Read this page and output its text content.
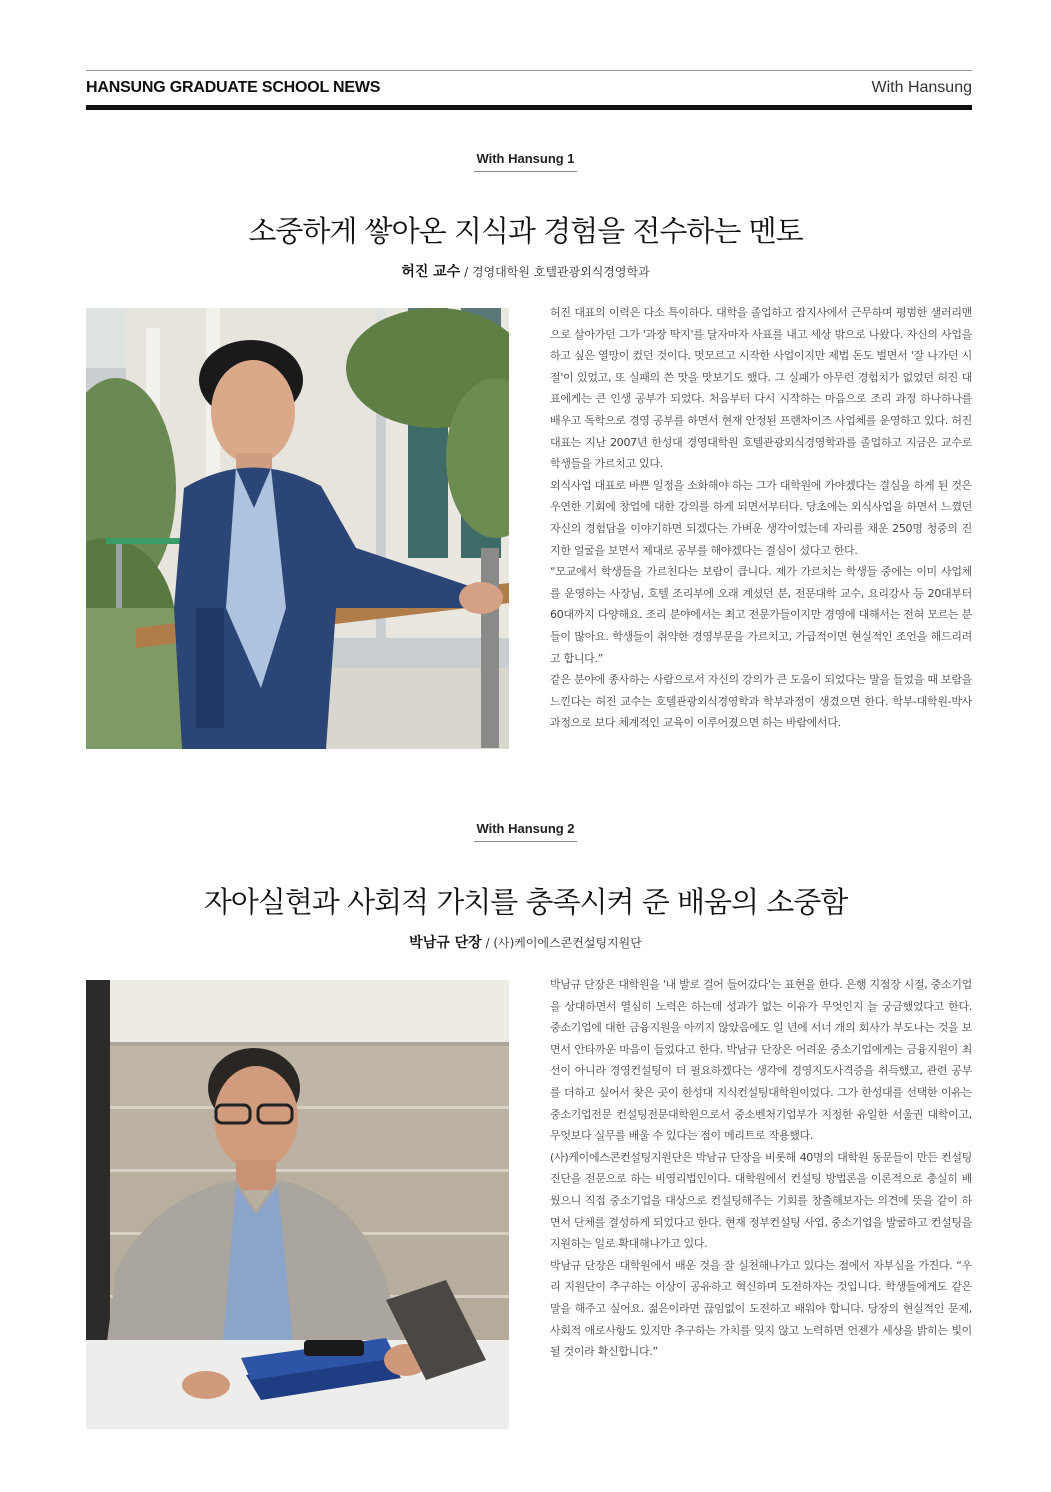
HANSUNG GRADUATE SCHOOL NEWS	With Hansung
With Hansung 1
소중하게 쌓아온 지식과 경험을 전수하는 멘토
허진 교수 / 경영대학원 호텔관광외식경영학과

허진 대표의 이력은 다소 특이하다. 대학을 졸업하고 잡지사에서 근무하며 평범한 샐러리맨으로 살아가던 그가 '과장 딱지'를 달자마자 사표를 내고 세상 밖으로 나왔다. 자신의 사업을 하고 싶은 열망이 컸던 것이다. 멋모르고 시작한 사업이지만 제법 돈도 벌면서 '잘 나가던 시절'이 있었고, 또 실패의 쓴 맛을 맛보기도 했다. 그 실패가 아무런 경험치가 없었던 허진 대표에게는 큰 인생 공부가 되었다. 처음부터 다시 시작하는 마음으로 조리 과정 하나하나를 배우고 독학으로 경영 공부를 하면서 현재 안정된 프랜차이즈 사업체를 운영하고 있다. 허진 대표는 지난 2007년 한성대 경영대학원 호텔관광외식경영학과를 졸업하고 지금은 교수로 학생들을 가르치고 있다.

외식사업 대표로 바쁜 일정을 소화해야 하는 그가 대학원에 가야겠다는 결심을 하게 된 것은 우연한 기회에 창업에 대한 강의를 하게 되면서부터다. 당초에는 외식사업을 하면서 느꼈던 자신의 경험담을 이야기하면 되겠다는 가벼운 생각이었는데 자리를 채운 250명 청중의 진지한 얼굴을 보면서 제대로 공부를 해야겠다는 결심이 섰다고 한다.

“모교에서 학생들을 가르친다는 보람이 큽니다. 제가 가르치는 학생들 중에는 이미 사업체를 운영하는 사장님, 호텔 조리부에 오래 계셨던 분, 전문대학 교수, 요리강사 등 20대부터 60대까지 다양해요. 조리 분야에서는 최고 전문가들이지만 경영에 대해서는 전혀 모르는 분들이 많아요. 학생들이 취약한 경영부문을 가르치고, 가급적이면 현실적인 조언을 해드리려고 합니다.”

같은 분야에 종사하는 사람으로서 자신의 강의가 큰 도움이 되었다는 말을 들었을 때 보람을 느낀다는 허진 교수는 호텔관광외식경영학과 학부과정이 생겼으면 한다. 학부-대학원-박사 과정으로 보다 체계적인 교육이 이루어졌으면 하는 바람에서다.

With Hansung 2
자아실현과 사회적 가치를 충족시켜 준 배움의 소중함
박남규 단장 / (사)케이에스콘컨설팅지원단

박남규 단장은 대학원을 '내 발로 걸어 들어갔다'는 표현을 한다. 은행 지점장 시절, 중소기업을 상대하면서 열심히 노력은 하는데 성과가 없는 이유가 무엇인지 늘 궁금했었다고 한다. 중소기업에 대한 금융지원을 아끼지 않았음에도 일 년에 서너 개의 회사가 부도나는 것을 보면서 안타까운 마음이 들었다고 한다. 박남규 단장은 어려운 중소기업에게는 금융지원이 최선이 아니라 경영컨설팅이 더 필요하겠다는 생각에 경영지도사격증을 취득했고, 관련 공부를 더하고 싶어서 찾은 곳이 한성대 지식컨설팅대학원이었다. 그가 한성대를 선택한 이유는 중소기업전문 컨설팅전문대학원으로서 중소벤처기업부가 지정한 유일한 서울권 대학이고, 무엇보다 실무를 배울 수 있다는 점이 메리트로 작용했다.

(사)케이에스콘컨설팅지원단은 박남규 단장을 비롯해 40명의 대학원 동문들이 만든 컨설팅진단을 전문으로 하는 비영리법인이다. 대학원에서 컨설팅 방법론을 이론적으로 충실히 배웠으니 직접 중소기업을 대상으로 컨설팅해주는 기회를 창출해보자는 의견에 뜻을 같이 하면서 단체를 결성하게 되었다고 한다. 현재 정부컨설팅 사업, 중소기업을 발굴하고 컨설팅을 지원하는 일로 확대해나가고 있다.

박남규 단장은 대학원에서 배운 것을 잘 실천해나가고 있다는 점에서 자부심을 가진다. “우리 지원단이 추구하는 이상이 공유하고 혁신하며 도전하자는 것입니다. 학생들에게도 같은 말을 해주고 싶어요. 젊은이라면 끊임없이 도전하고 배워야 합니다. 당장의 현실적인 문제, 사회적 애로사항도 있지만 추구하는 가치를 잊지 않고 노력하면 언젠가 세상을 밝히는 빛이 될 것이라 확신합니다.”
